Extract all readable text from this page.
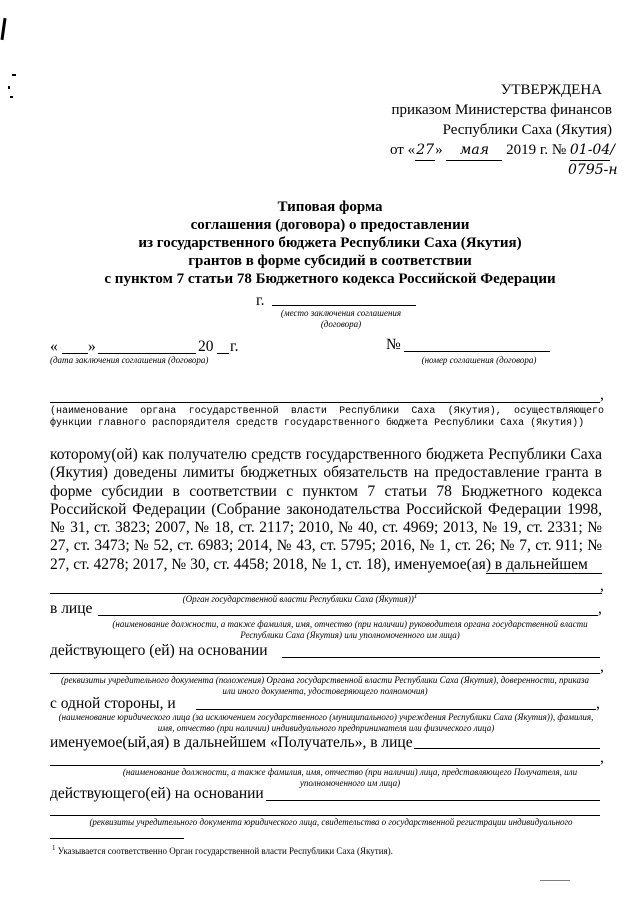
УТВЕРЖДЕНА
приказом Министерства финансов
Республики Саха (Якутия)
от «27» мая 2019 г. № 01-04/
0795-н
Типовая форма
соглашения (договора) о предоставлении
из государственного бюджета Республики Саха (Якутия)
грантов в форме субсидий в соответствии
с пунктом 7 статьи 78 Бюджетного кодекса Российской Федерации
г.
(место заключения соглашения
(договора)
« »	20 г.
(дата заключения соглашения (договора)
№
(номер соглашения (договора)
,
(наименование органа государственной власти Республики Саха (Якутия), осуществляющего функции главного распорядителя средств государственного бюджета Республики Саха (Якутия))
которому(ой) как получателю средств государственного бюджета Республики Саха (Якутия) доведены лимиты бюджетных обязательств на предоставление гранта в форме субсидии в соответствии с пунктом 7 статьи 78 Бюджетного кодекса Российской Федерации (Собрание законодательства Российской Федерации 1998, № 31, ст. 3823; 2007, № 18, ст. 2117; 2010, № 40, ст. 4969; 2013, № 19, ст. 2331; № 27, ст. 3473; № 52, ст. 6983; 2014, № 43, ст. 5795; 2016, № 1, ст. 26; № 7, ст. 911; № 27, ст. 4278; 2017, № 30, ст. 4458; 2018, № 1, ст. 18), именуемое(ая) в дальнейшем
,
(Орган государственной власти Республики Саха (Якутия))$^1$
в лице	,
(наименование должности, а также фамилия, имя, отчество (при наличии) руководителя органа государственной власти Республики Саха (Якутия) или уполномоченного им лица)
действующего (ей) на основании
,
(реквизиты учредительного документа (положения) Органа государственной власти Республики Саха (Якутия), доверенности, приказа или иного документа, удостоверяющего полномочия)
с одной стороны, и	,
(наименование юридического лица (за исключением государственного (муниципального) учреждения Республики Саха (Якутия)), фамилия, имя, отчество (при наличии) индивидуального предпринимателя или физического лица)
именуемое(ый,ая) в дальнейшем «Получатель», в лице
,
(наименование должности, а также фамилия, имя, отчество (при наличии) лица, представляющего Получателя, или уполномоченного им лица)
действующего(ей) на основании
(реквизиты учредительного документа юридического лица, свидетельства о государственной регистрации индивидуального
$^1$ Указывается соответственно Орган государственной власти Республики Саха (Якутия).
